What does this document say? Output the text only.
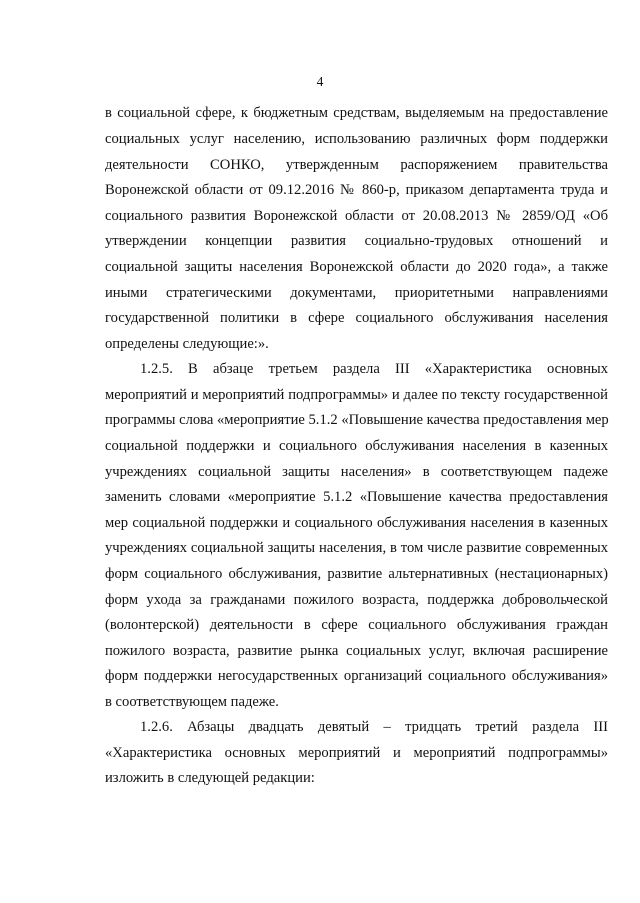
4
в социальной сфере, к бюджетным средствам, выделяемым на предоставление
социальных услуг населению, использованию различных форм поддержки
деятельности СОНКО, утвержденным распоряжением правительства
Воронежской области от 09.12.2016 № 860-р, приказом департамента труда и
социального развития Воронежской области от 20.08.2013 № 2859/ОД «Об
утверждении концепции развития социально-трудовых отношений и
социальной защиты населения Воронежской области до 2020 года», а также
иными стратегическими документами, приоритетными направлениями
государственной политики в сфере социального обслуживания населения
определены следующие:».
1.2.5. В абзаце третьем раздела III «Характеристика основных
мероприятий и мероприятий подпрограммы» и далее по тексту государственной
программы слова «мероприятие 5.1.2 «Повышение качества предоставления мер
социальной поддержки и социального обслуживания населения в казенных
учреждениях социальной защиты населения» в соответствующем падеже
заменить словами «мероприятие 5.1.2 «Повышение качества предоставления
мер социальной поддержки и социального обслуживания населения в казенных
учреждениях социальной защиты населения, в том числе развитие современных
форм социального обслуживания, развитие альтернативных (нестационарных)
форм ухода за гражданами пожилого возраста, поддержка добровольческой
(волонтерской) деятельности в сфере социального обслуживания граждан
пожилого возраста, развитие рынка социальных услуг, включая расширение
форм поддержки негосударственных организаций социального обслуживания»
в соответствующем падеже.
1.2.6. Абзацы двадцать девятый – тридцать третий раздела III
«Характеристика основных мероприятий и мероприятий подпрограммы»
изложить в следующей редакции:
